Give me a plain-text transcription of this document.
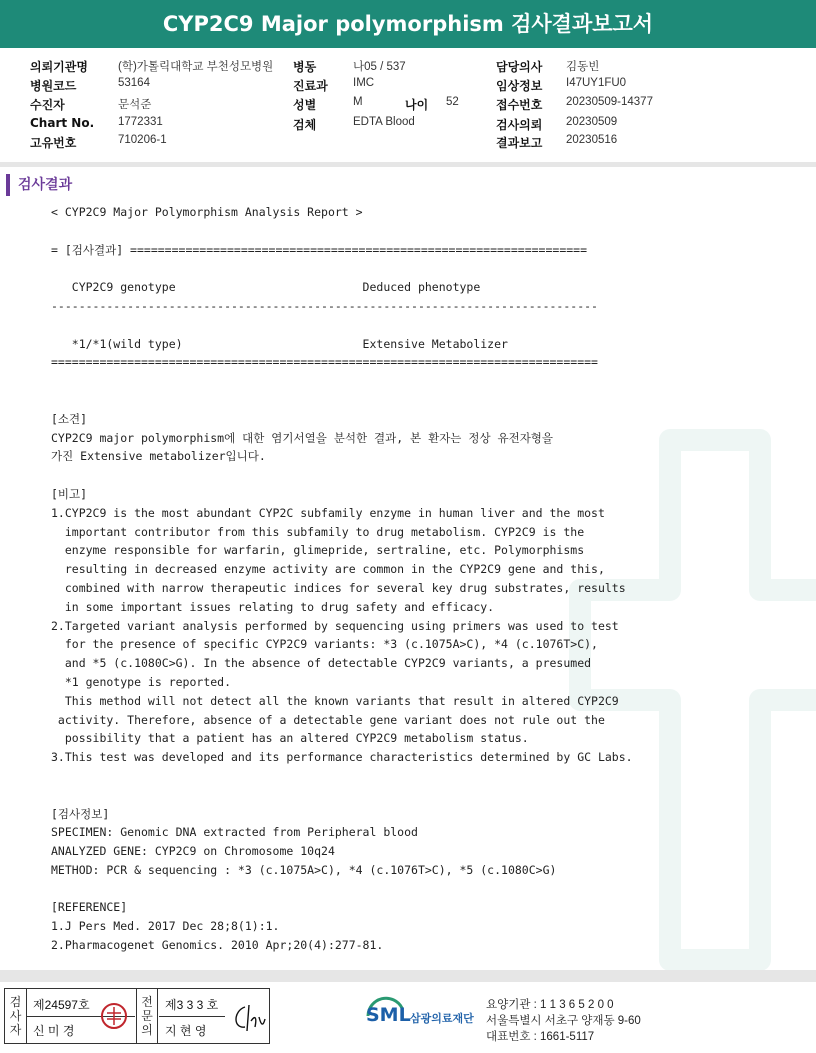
CYP2C9 Major polymorphism 검사결과보고서
의뢰기관명	(학)가톨릭대학교 부천성모병원
병원코드	53164
수진자	문석준
Chart No. 1772331
고유번호	710206-1
병동	나05 / 537
진료과 IMC
성별	M	나이 52
검체	EDTA Blood
담당의사 김동빈
임상정보 I47UY1FU0
접수번호 20230509-14377
검사의뢰 20230509
결과보고 20230516
검사결과
< CYP2C9 Major Polymorphism Analysis Report >

= [검사결과] ==================================================================

CYP2C9 genotype                           Deduced phenotype
-------------------------------------------------------------------------------

*1/*1(wild type)                          Extensive Metabolizer
===============================================================================

[소견]
CYP2C9 major polymorphism에 대한 염기서열을 분석한 결과, 본 환자는 정상 유전자형을
가진 Extensive metabolizer입니다.

[비고]
1.CYP2C9 is the most abundant CYP2C subfamily enzyme in human liver and the most
important contributor from this subfamily to drug metabolism. CYP2C9 is the
enzyme responsible for warfarin, glimepride, sertraline, etc. Polymorphisms
resulting in decreased enzyme activity are common in the CYP2C9 gene and this,
combined with narrow therapeutic indices for several key drug substrates, results
in some important issues relating to drug safety and efficacy.
2.Targeted variant analysis performed by sequencing using primers was used to test
for the presence of specific CYP2C9 variants: *3 (c.1075A>C), *4 (c.1076T>C),
and *5 (c.1080C>G). In the absence of detectable CYP2C9 variants, a presumed
*1 genotype is reported.
This method will not detect all the known variants that result in altered CYP2C9
activity. Therefore, absence of a detectable gene variant does not rule out the
possibility that a patient has an altered CYP2C9 metabolism status.
3.This test was developed and its performance characteristics determined by GC Labs.

[검사정보]
SPECIMEN: Genomic DNA extracted from Peripheral blood
ANALYZED GENE: CYP2C9 on Chromosome 10q24
METHOD: PCR & sequencing : *3 (c.1075A>C), *4 (c.1076T>C), *5 (c.1080C>G)

[REFERENCE]
1.J Pers Med. 2017 Dec 28;8(1):1.
2.Pharmacogenet Genomics. 2010 Apr;20(4):277-81.
검사자
제24597호
신 미 경
전문의
제3 3 3 호
지 현 영
SML 삼광의료재단
요양기관 : 1 1 3 6 5 2 0 0
서울특별시 서초구 양재동 9-60
대표번호 : 1661-5117
